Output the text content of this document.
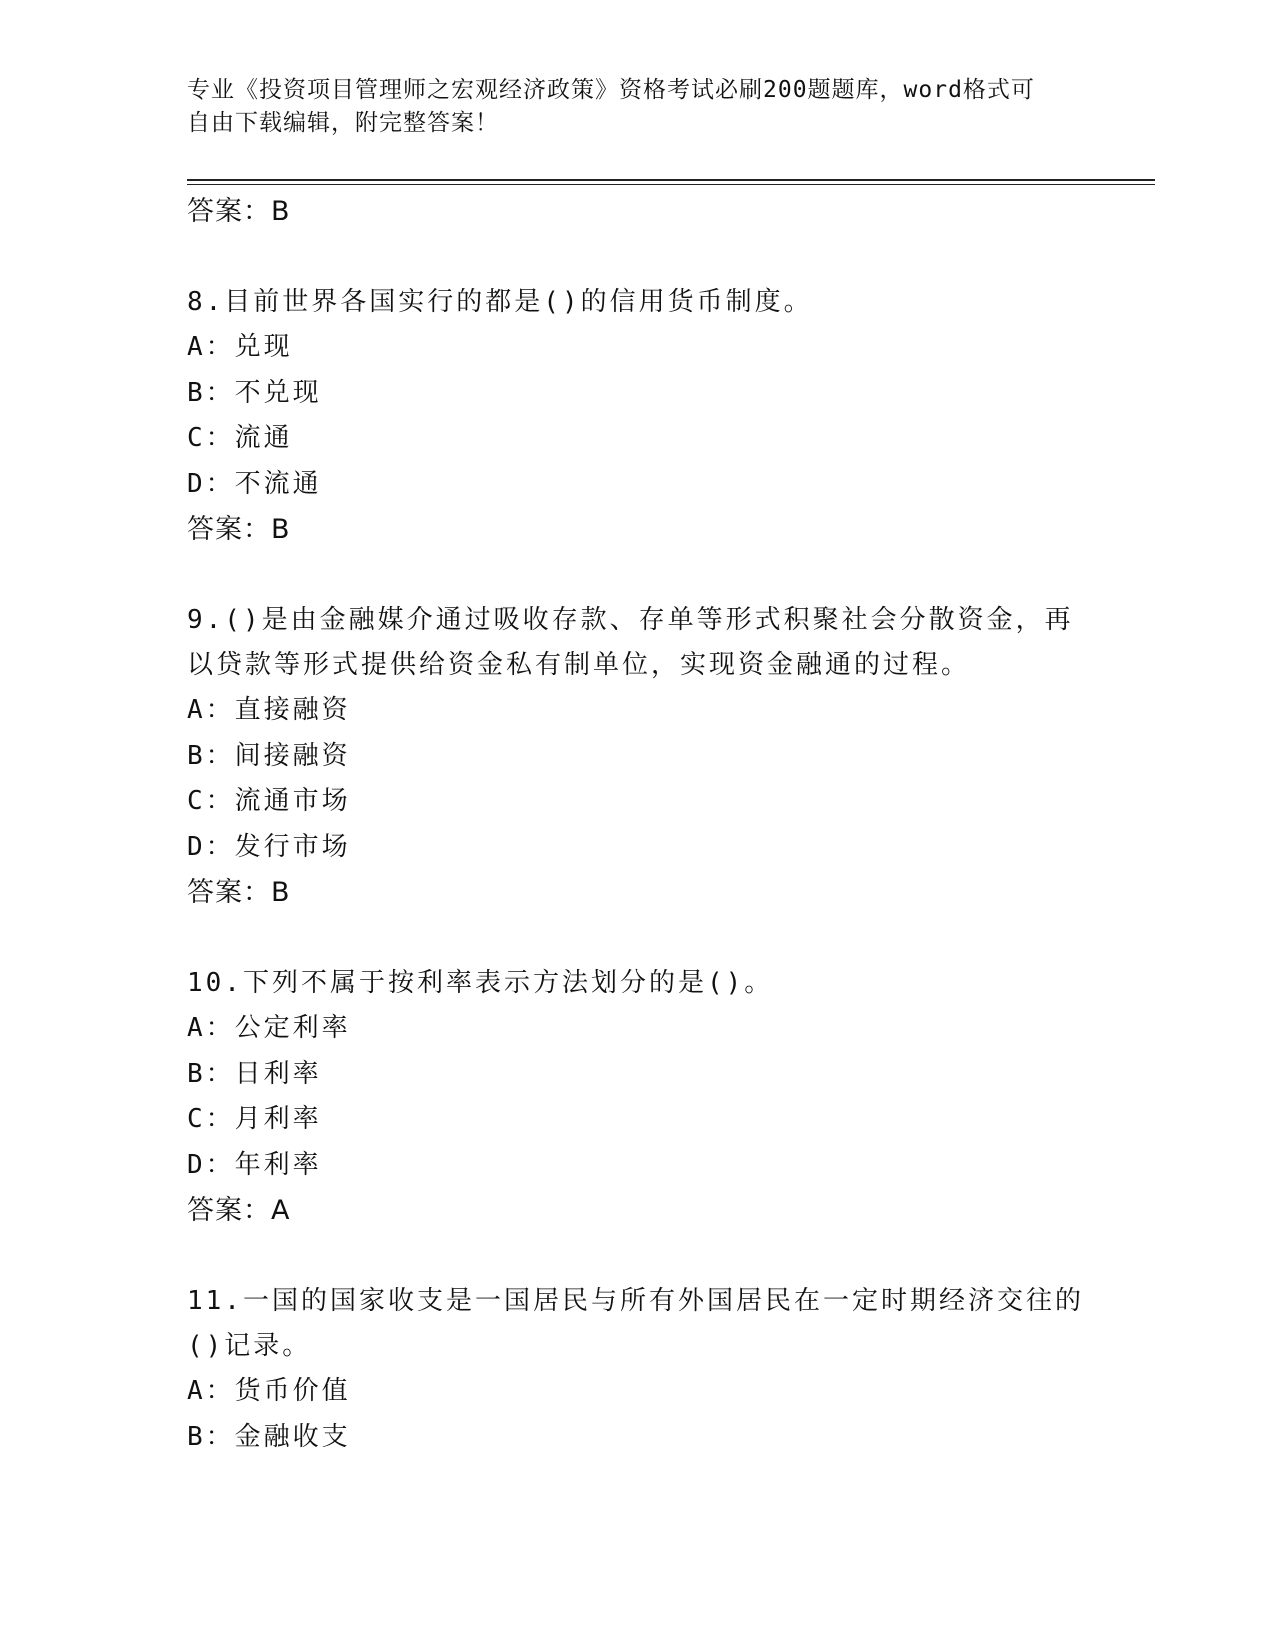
专业《投资项目管理师之宏观经济政策》资格考试必刷200题题库，word格式可
自由下载编辑，附完整答案！

答案：B

8.目前世界各国实行的都是()的信用货币制度。

A：兑现

B：不兑现

C：流通

D：不流通

答案：B

9.()是由金融媒介通过吸收存款、存单等形式积聚社会分散资金，再

以贷款等形式提供给资金私有制单位，实现资金融通的过程。

A：直接融资

B：间接融资

C：流通市场

D：发行市场

答案：B

10.下列不属于按利率表示方法划分的是()。

A：公定利率

B：日利率

C：月利率

D：年利率

答案：A

11.一国的国家收支是一国居民与所有外国居民在一定时期经济交往的

()记录。

A：货币价值

B：金融收支
